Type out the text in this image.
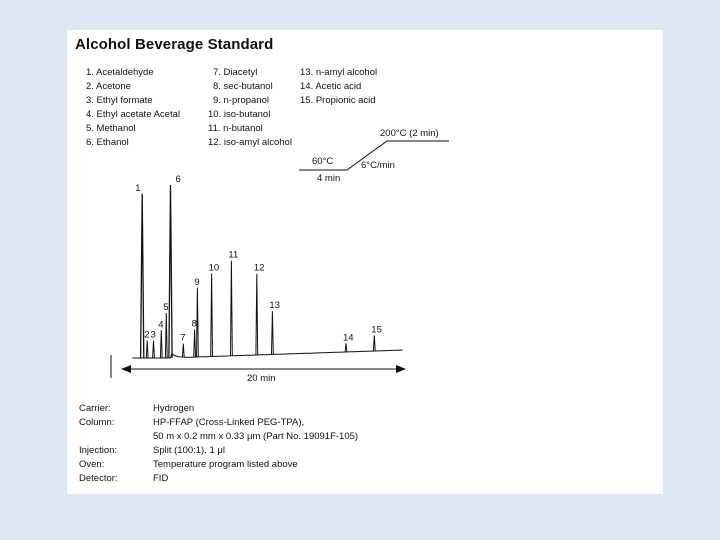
Alcohol Beverage Standard
1. Acetaldehyde
2. Acetone
3. Ethyl formate
4. Ethyl acetate Acetal
5. Methanol
6. Ethanol
7. Diacetyl
8. sec-butanol
9. n-propanol
10. iso-butanol
11. n-butanol
12. iso-amyl alcohol
13. n-amyl alcohol
14. Acetic acid
15. Propionic acid
60°C
4 min
6°C/min
200°C (2 min)
1
2 3
4
5
6
7
8
9
10
11
12
13
14
15
20 min
Carrier:	Hydrogen
Column:	HP-FFAP (Cross-Linked PEG-TPA),
50 m x 0.2 mm x 0.33 μm (Part No. 19091F-105)
Injection:	Split (100:1), 1 μl
Oven:	Temperature program listed above
Detector:	FID
